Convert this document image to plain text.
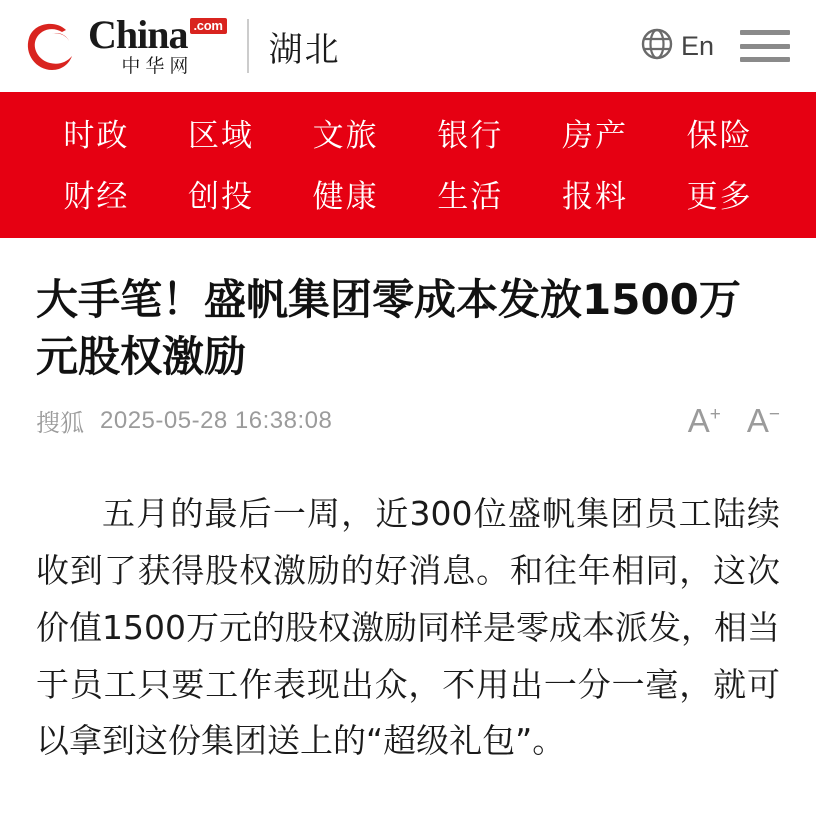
China .com
中华网	湖北	En
时政 区域 文旅 银行 房产 保险
财经 创投 健康 生活 报料 更多
大手笔！盛帆集团零成本发放1500万元股权激励
搜狐 2025-05-28 16:38:08	A+ A−

五月的最后一周，近300位盛帆集团员工陆续收到了获得股权激励的好消息。和往年相同，这次价值1500万元的股权激励同样是零成本派发，相当于员工只要工作表现出众，不用出一分一毫，就可以拿到这份集团送上的“超级礼包”。
